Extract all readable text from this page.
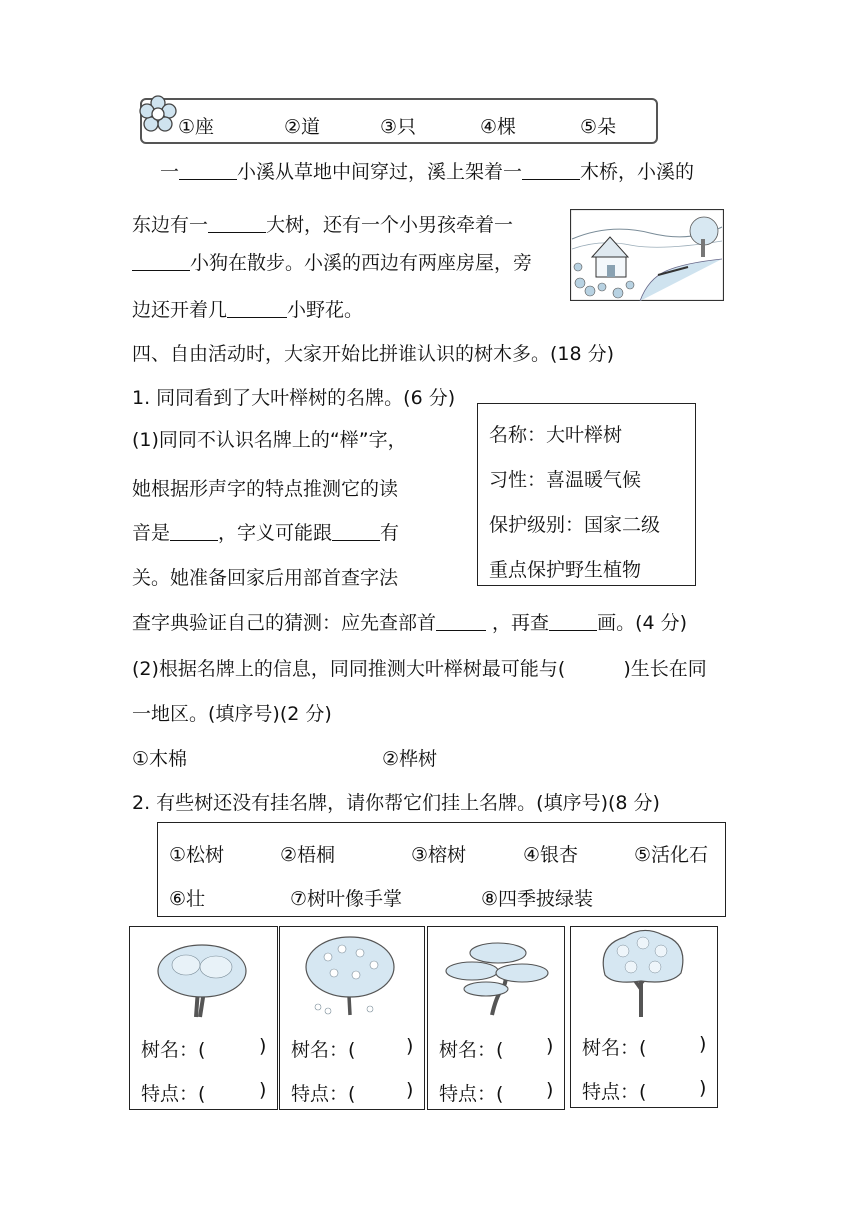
①座	②道	③只	④棵	⑤朵
一	小溪从草地中间穿过，溪上架着一	木桥，小溪的
东边有一	大树，还有一个小男孩牵着一
小狗在散步。小溪的西边有两座房屋，旁
边还开着几	小野花。
四、自由活动时，大家开始比拼谁认识的树木多。(18 分)
1. 同同看到了大叶榉树的名牌。(6 分)
名称：大叶榉树
习性：喜温暖气候
保护级别：国家二级
重点保护野生植物
(1)同同不认识名牌上的“榉”字，
她根据形声字的特点推测它的读
音是	，字义可能跟	有
关。她准备回家后用部首查字法
查字典验证自己的猜测：应先查部首	，再查	画。(4 分)
(2)根据名牌上的信息，同同推测大叶榉树最可能与(	)生长在同
一地区。(填序号)(2 分)
①木棉	②桦树
2. 有些树还没有挂名牌，请你帮它们挂上名牌。(填序号)(8 分)
①松树	②梧桐	③榕树	④银杏	⑤活化石
⑥壮	⑦树叶像手掌	⑧四季披绿装
树名：(	)
特点：(	)
树名：(	)
特点：(	)
树名：( )
特点：( )
树名：(	)
特点：(	)
